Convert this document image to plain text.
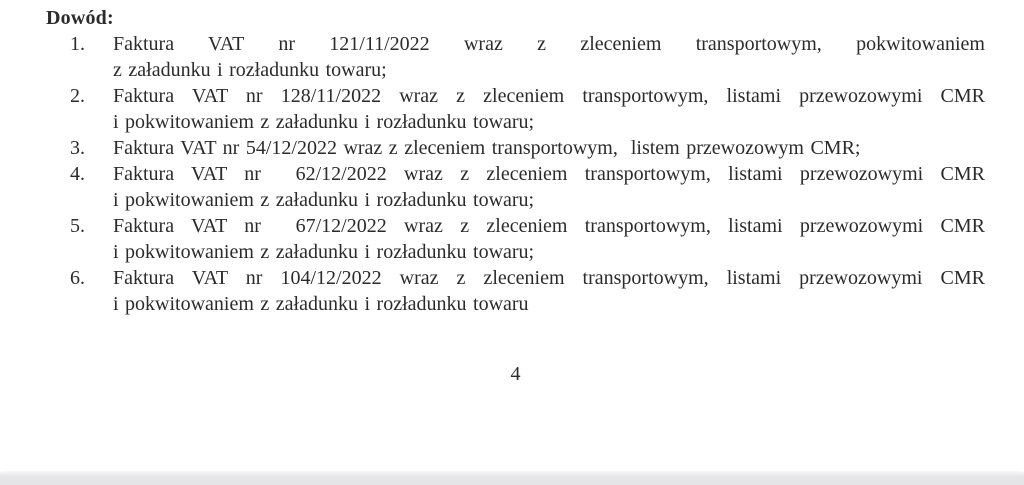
Dowód:
1.	Faktura VAT nr 121/11/2022 wraz z zleceniem transportowym, pokwitowaniem
z załadunku i rozładunku towaru;
2.	Faktura VAT nr 128/11/2022 wraz z zleceniem transportowym, listami przewozowymi CMR
i pokwitowaniem z załadunku i rozładunku towaru;
3.	Faktura VAT nr 54/12/2022 wraz z zleceniem transportowym,  listem przewozowym CMR;
4.	Faktura VAT nr  62/12/2022 wraz z zleceniem transportowym, listami przewozowymi CMR
i pokwitowaniem z załadunku i rozładunku towaru;
5.	Faktura VAT nr  67/12/2022 wraz z zleceniem transportowym, listami przewozowymi CMR
i pokwitowaniem z załadunku i rozładunku towaru;
6.	Faktura VAT nr 104/12/2022 wraz z zleceniem transportowym, listami przewozowymi CMR
i pokwitowaniem z załadunku i rozładunku towaru
4
